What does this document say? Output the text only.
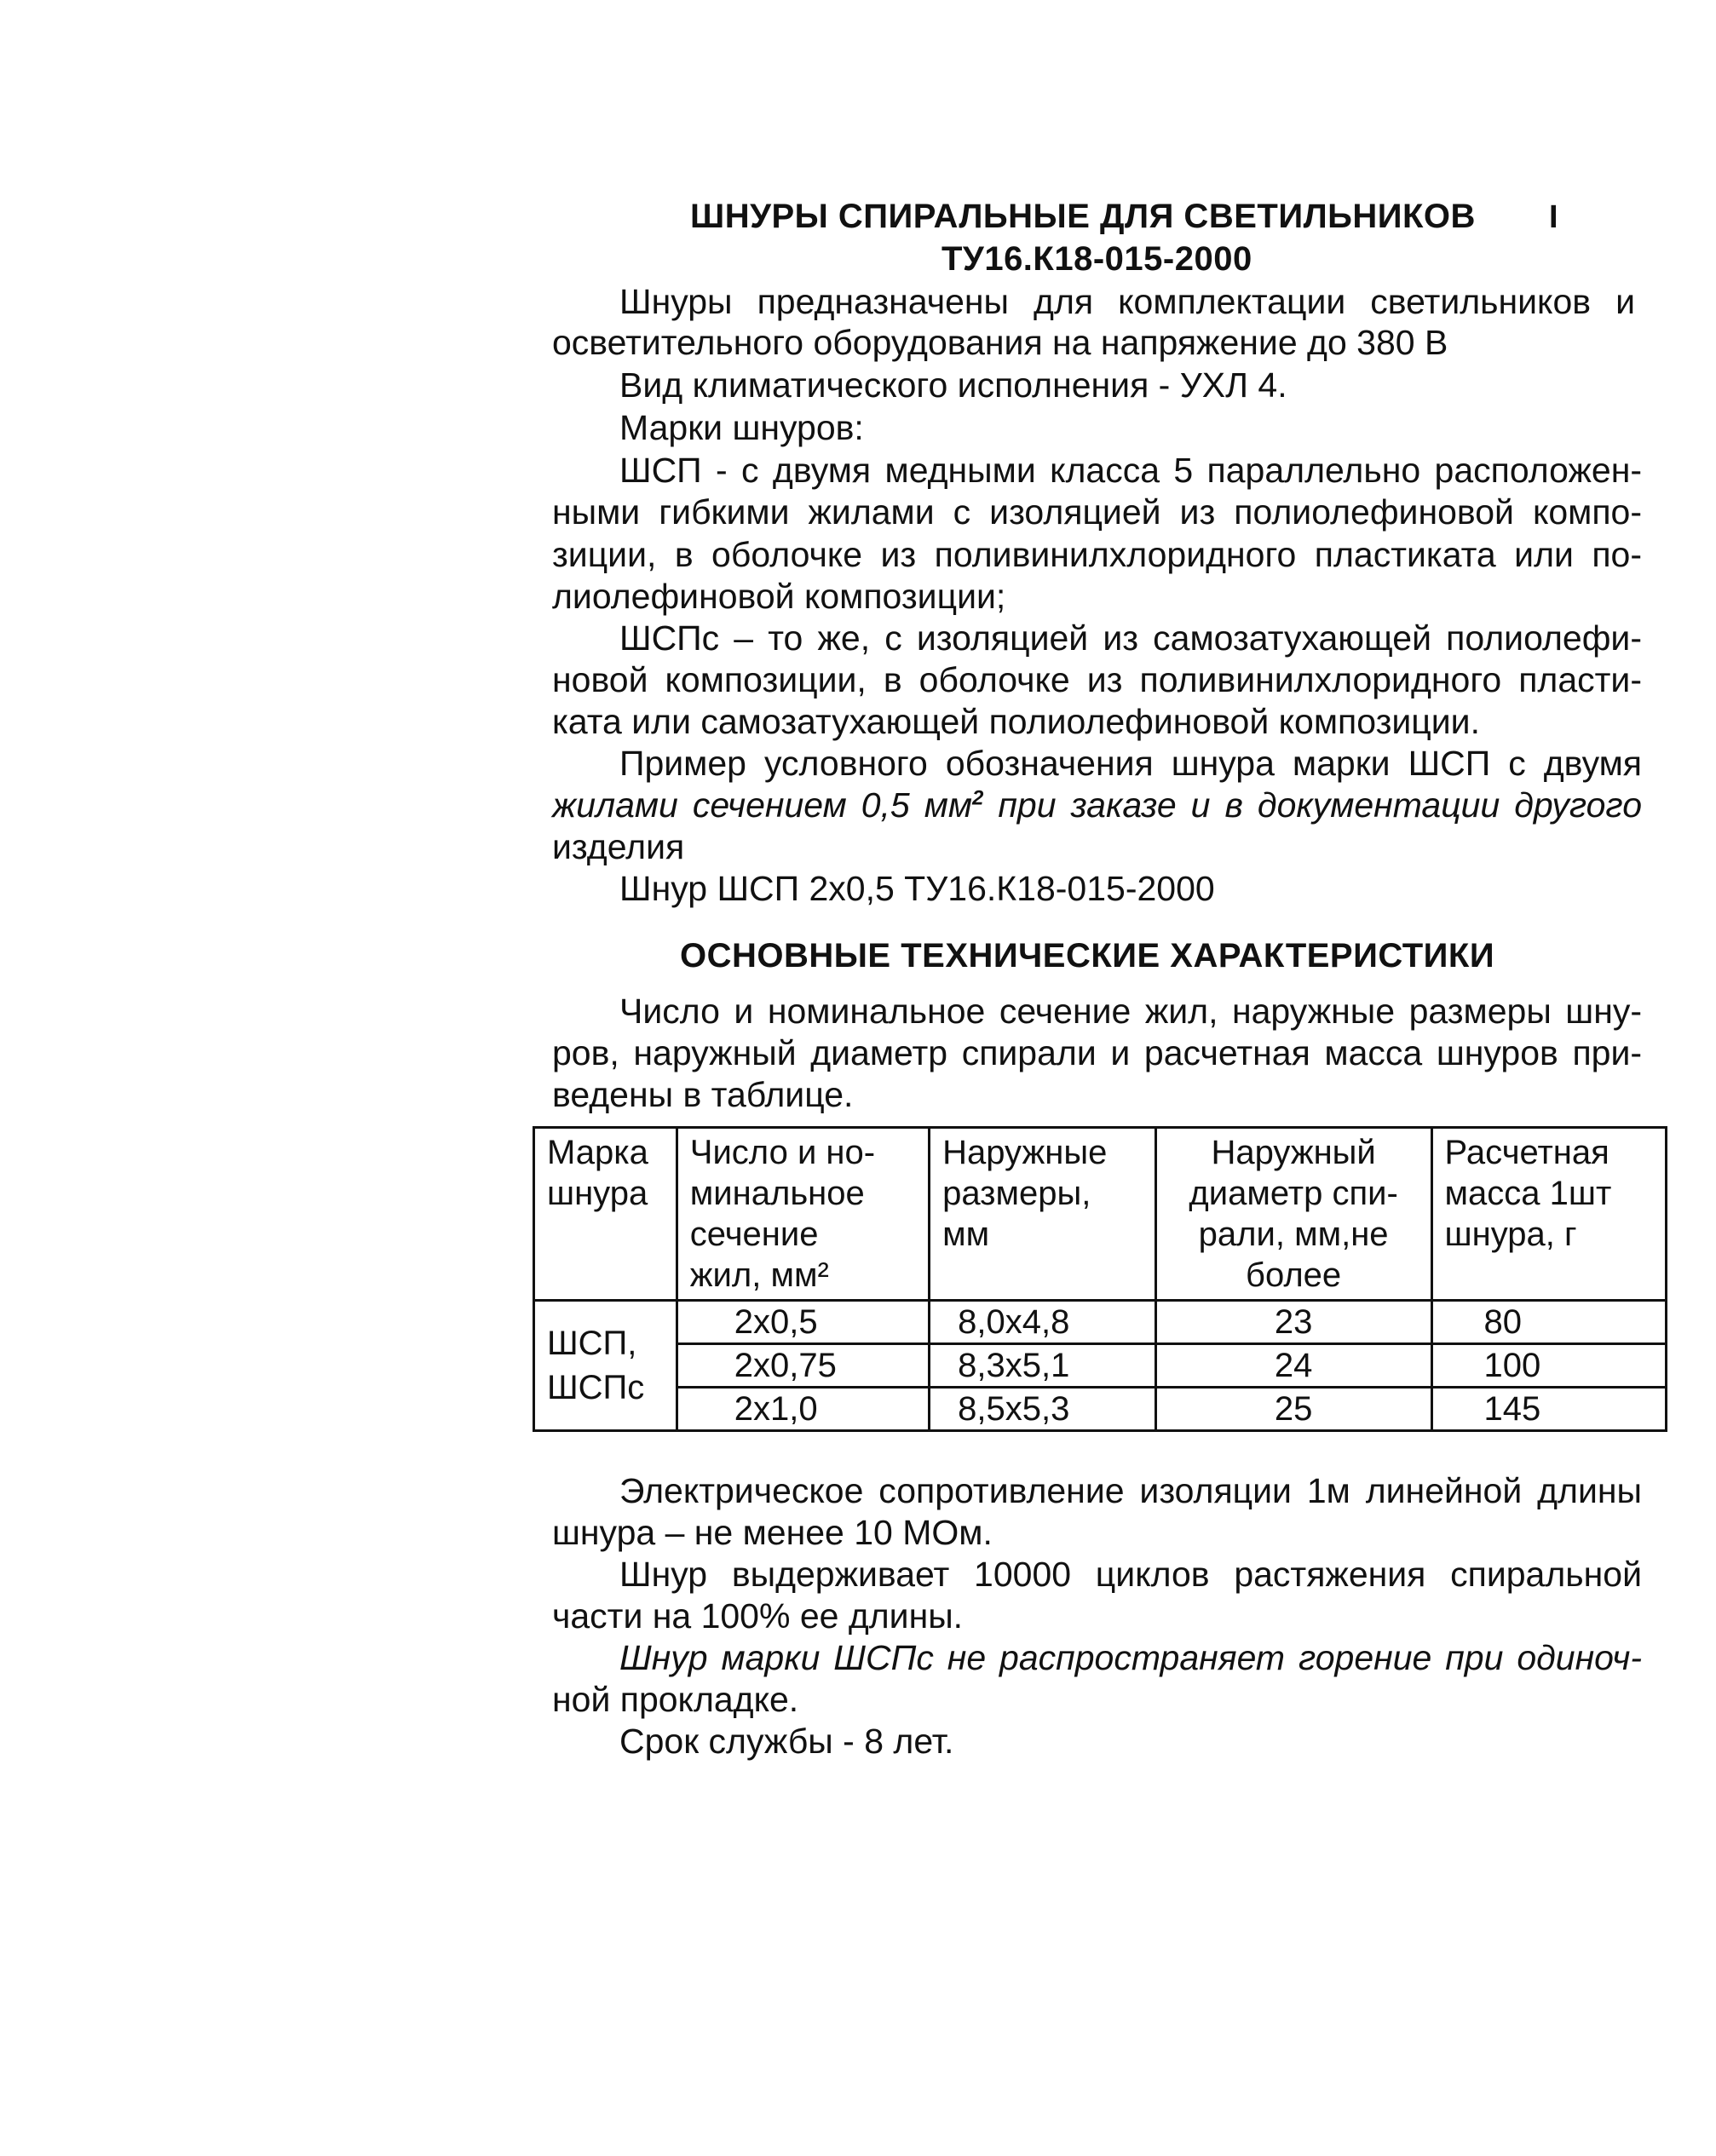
ШНУРЫ СПИРАЛЬНЫЕ ДЛЯ СВЕТИЛЬНИКОВ I
ТУ16.К18-015-2000
Шнуры предназначены для комплектации светильников и
осветительного оборудования на напряжение до 380 В
Вид климатического исполнения - УХЛ 4.
Марки шнуров:
ШСП - с двумя медными класса 5 параллельно расположен-
ными гибкими жилами с изоляцией из полиолефиновой компо-
зиции, в оболочке из поливинилхлоридного пластиката или по-
лиолефиновой композиции;
ШСПс – то же, с изоляцией из самозатухающей полиолефи-
новой композиции, в оболочке из поливинилхлоридного пласти-
ката или самозатухающей полиолефиновой композиции.
Пример условного обозначения шнура марки ШСП с двумя
жилами сечением 0,5 $мм^2$ при заказе и в документации другого
изделия
Шнур ШСП 2х0,5 ТУ16.К18-015-2000
ОСНОВНЫЕ ТЕХНИЧЕСКИЕ ХАРАКТЕРИСТИКИ
Число и номинальное сечение жил, наружные размеры шну-
ров, наружный диаметр спирали и расчетная масса шнуров при-
ведены в таблице.
Марка
шнура	Число и но-
минальное
сечение
жил, мм²	Наружные
размеры,
мм	Наружный
диаметр спи-
рали, мм,не
более	Расчетная
масса 1шт
шнура, г

ШСП,
ШСПс	2х0,5	8,0х4,8	23	80
	2х0,75	8,3х5,1	24	100
	2х1,0	8,5х5,3	25	145
Электрическое сопротивление изоляции 1м линейной длины
шнура – не менее 10 МОм.
Шнур выдерживает 10000 циклов растяжения спиральной
части на 100% ее длины.
Шнур марки ШСПс не распространяет горение при одиноч-
ной прокладке.
Срок службы - 8 лет.
